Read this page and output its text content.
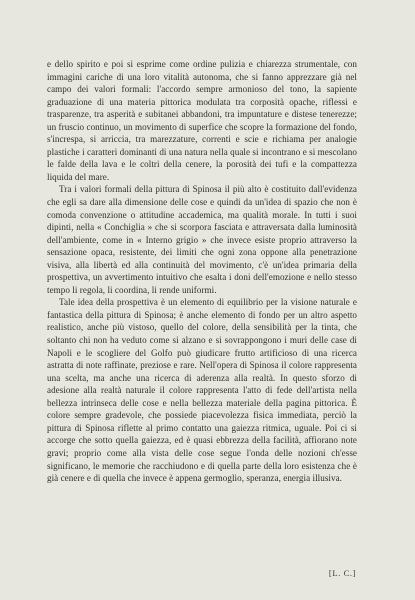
e dello spirito e poi si esprime come ordine pulizia e chiarezza strumentale, con immagini cariche di una loro vitalità autonoma, che si fanno apprezzare già nel campo dei valori formali: l'accordo sempre armonioso del tono, la sapiente graduazione di una materia pittorica modulata tra corposità opache, riflessi e trasparenze, tra asperità e subitanei abbandoni, tra impuntature e distese tenerezze; un fruscio continuo, un movimento di superfice che scopre la formazione del fondo, s'increspa, si arriccia, tra marezzature, correnti e scie e richiama per analogie plastiche i caratteri dominanti di una natura nella quale si incontrano e si mescolano le falde della lava e le coltri della cenere, la porosità dei tufi e la compattezza liquida del mare.

Tra i valori formali della pittura di Spinosa il più alto è costituito dall'evidenza che egli sa dare alla dimensione delle cose e quindi da un'idea di spazio che non è comoda convenzione o attitudine accademica, ma qualità morale. In tutti i suoi dipinti, nella « Conchiglia » che si scorpora fasciata e attraversata dalla luminosità dell'ambiente, come in « Interno grigio » che invece esiste proprio attraverso la sensazione opaca, resistente, dei limiti che ogni zona oppone alla penetrazione visiva, alla libertà ed alla continuità del movimento, c'è un'idea primaria della prospettiva, un avvertimento intuitivo che esalta i doni dell'emozione e nello stesso tempo li regola, li coordina, li rende uniformi.

Tale idea della prospettiva è un elemento di equilibrio per la visione naturale e fantastica della pittura di Spinosa; è anche elemento di fondo per un altro aspetto realistico, anche più vistoso, quello del colore, della sensibilità per la tinta, che soltanto chi non ha veduto come si alzano e si sovrappongono i muri delle case di Napoli e le scogliere del Golfo può giudicare frutto artificioso di una ricerca astratta di note raffinate, preziose e rare. Nell'opera di Spinosa il colore rappresenta una scelta, ma anche una ricerca di aderenza alla realtà. In questo sforzo di adesione alla realtà naturale il colore rappresenta l'atto di fede dell'artista nella bellezza intrinseca delle cose e nella bellezza materiale della pagina pittorica. È colore sempre gradevole, che possiede piacevolezza fisica immediata, perciò la pittura di Spinosa riflette al primo contatto una gaiezza ritmica, uguale. Poi ci si accorge che sotto quella gaiezza, ed è quasi ebbrezza della facilità, affiorano note gravi; proprio come alla vista delle cose segue l'onda delle nozioni ch'esse significano, le memorie che racchiudono e di quella parte della loro esistenza che è già cenere e di quella che invece è appena germoglio, speranza, energia illusiva.

[L. C.]
